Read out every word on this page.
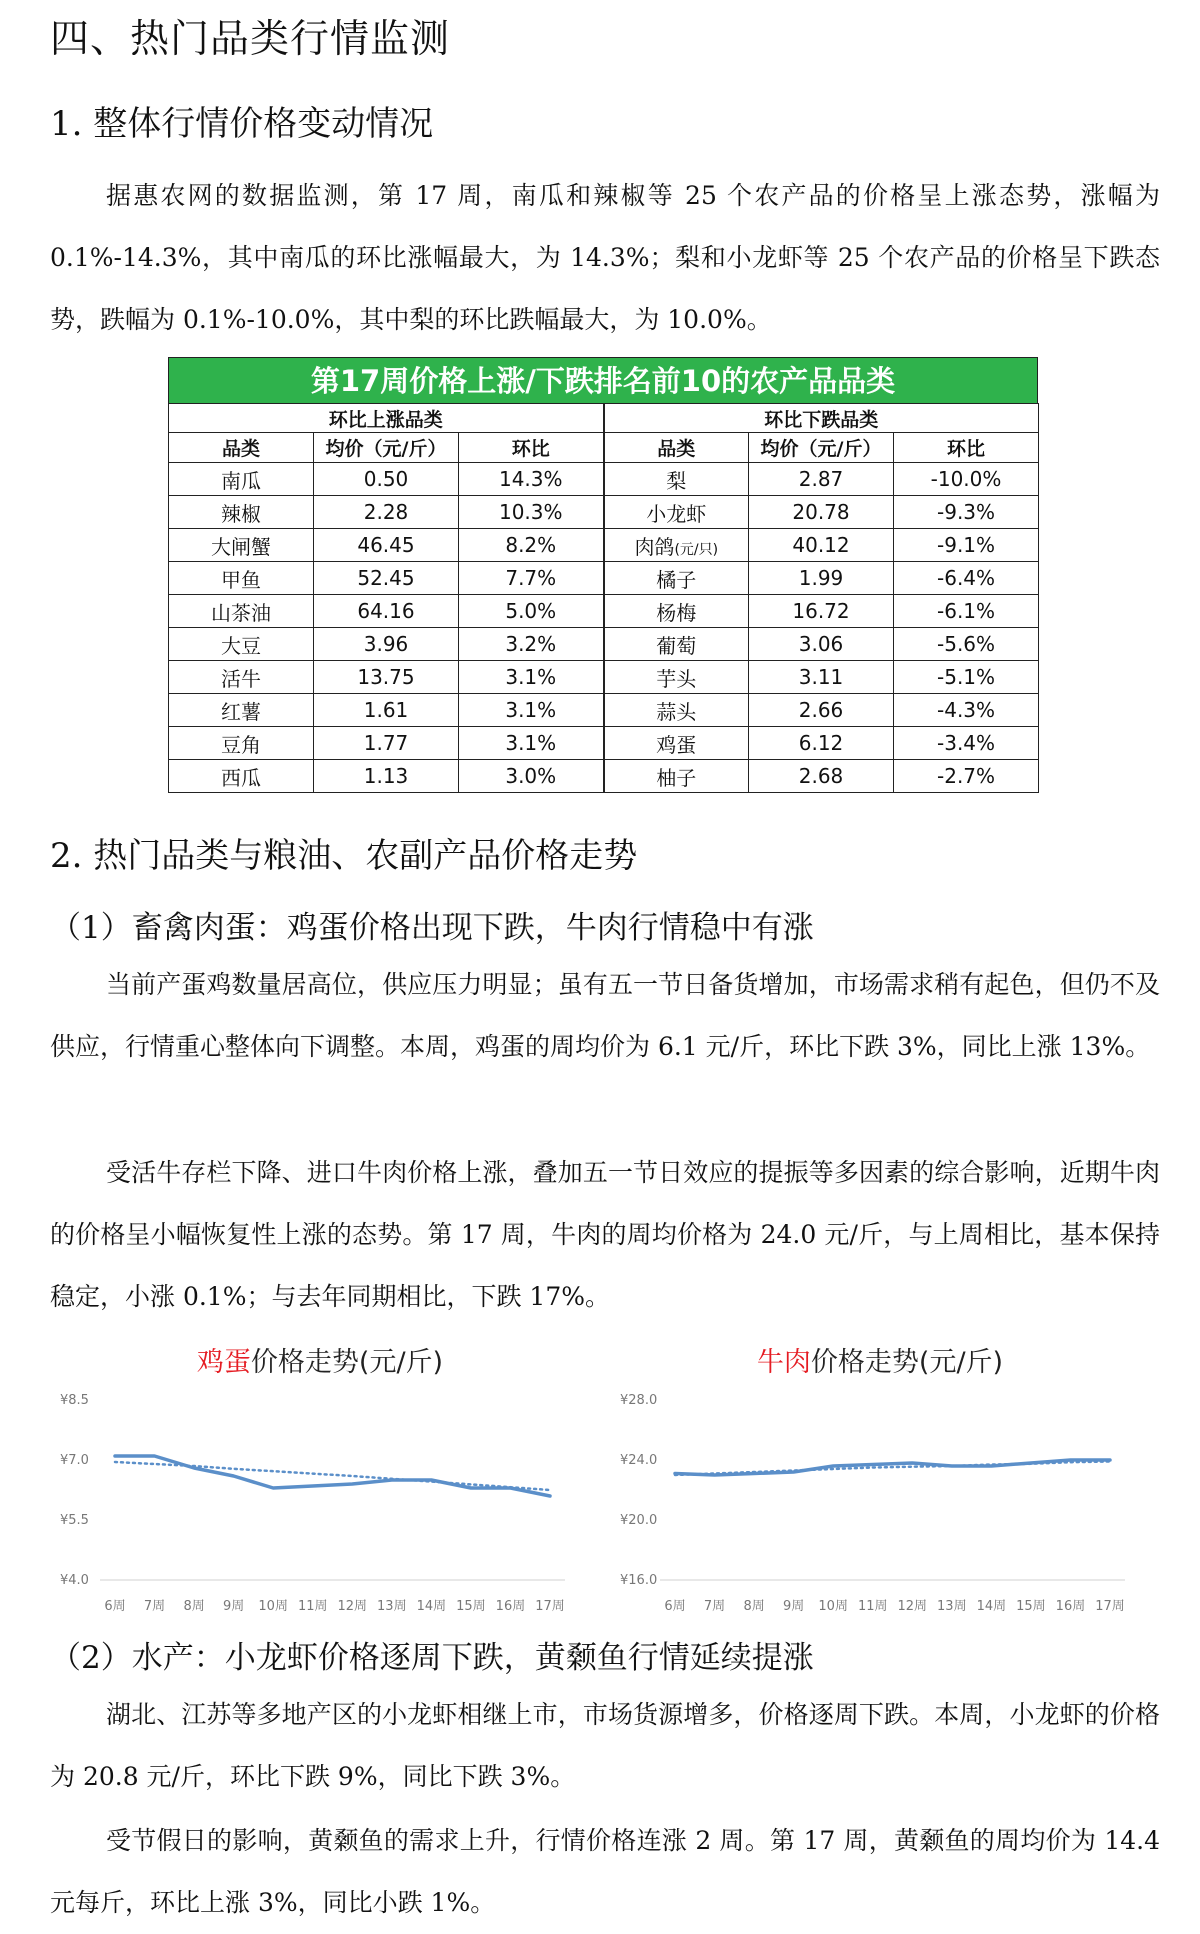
四、热门品类行情监测
1. 整体行情价格变动情况

据惠农网的数据监测，第 17 周，南瓜和辣椒等 25 个农产品的价格呈上涨态势，涨幅为 0.1%-14.3%，其中南瓜的环比涨幅最大，为 14.3%；梨和小龙虾等 25 个农产品的价格呈下跌态势，跌幅为 0.1%-10.0%，其中梨的环比跌幅最大，为 10.0%。

第17周价格上涨/下跌排名前10的农产品品类
环比上涨品类			环比下跌品类		
品类	均价（元/斤）	环比	品类	均价（元/斤）	环比
南瓜	0.50	14.3%	梨	2.87	-10.0%
辣椒	2.28	10.3%	小龙虾	20.78	-9.3%
大闸蟹	46.45	8.2%	肉鸽(元/只)	40.12	-9.1%
甲鱼	52.45	7.7%	橘子	1.99	-6.4%
山茶油	64.16	5.0%	杨梅	16.72	-6.1%
大豆	3.96	3.2%	葡萄	3.06	-5.6%
活牛	13.75	3.1%	芋头	3.11	-5.1%
红薯	1.61	3.1%	蒜头	2.66	-4.3%
豆角	1.77	3.1%	鸡蛋	6.12	-3.4%
西瓜	1.13	3.0%	柚子	2.68	-2.7%
2. 热门品类与粮油、农副产品价格走势
（1）畜禽肉蛋：鸡蛋价格出现下跌，牛肉行情稳中有涨

当前产蛋鸡数量居高位，供应压力明显；虽有五一节日备货增加，市场需求稍有起色，但仍不及供应，行情重心整体向下调整。本周，鸡蛋的周均价为 6.1 元/斤，环比下跌 3%，同比上涨 13%。

受活牛存栏下降、进口牛肉价格上涨，叠加五一节日效应的提振等多因素的综合影响，近期牛肉的价格呈小幅恢复性上涨的态势。第 17 周，牛肉的周均价格为 24.0 元/斤，与上周相比，基本保持稳定，小涨 0.1%；与去年同期相比，下跌 17%。

鸡蛋价格走势(元/斤)
¥8.5
¥7.0
¥5.5
¥4.0
6周 7周 8周 9周 10周 11周 12周 13周 14周 15周 16周 17周
牛肉价格走势(元/斤)
¥28.0
¥24.0
¥20.0
¥16.0
6周 7周 8周 9周 10周 11周 12周 13周 14周 15周 16周 17周
（2）水产：小龙虾价格逐周下跌，黄颡鱼行情延续提涨

湖北、江苏等多地产区的小龙虾相继上市，市场货源增多，价格逐周下跌。本周，小龙虾的价格为 20.8 元/斤，环比下跌 9%，同比下跌 3%。

受节假日的影响，黄颡鱼的需求上升，行情价格连涨 2 周。第 17 周，黄颡鱼的周均价为 14.4 元每斤，环比上涨 3%，同比小跌 1%。
